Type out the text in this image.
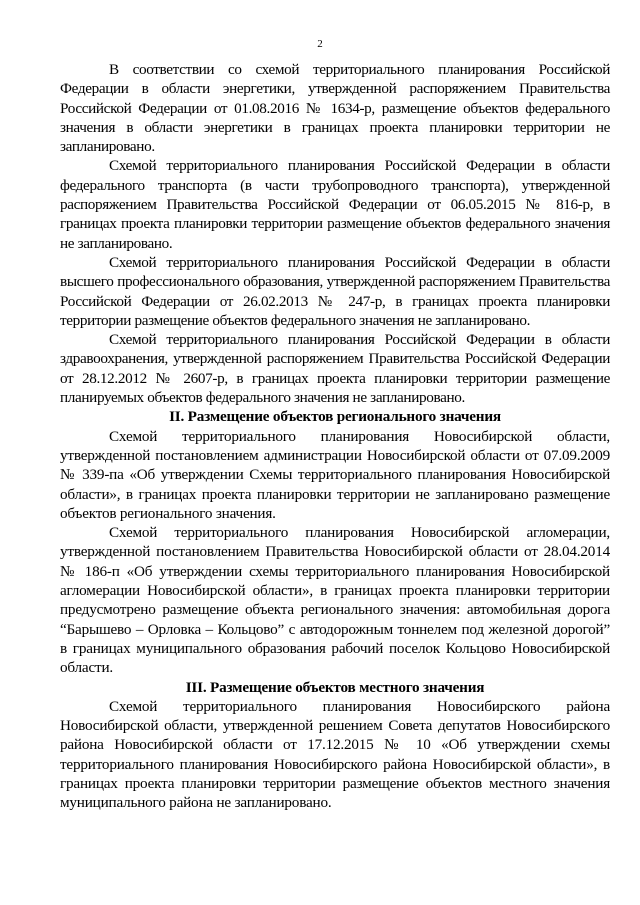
2

В соответствии со схемой территориального планирования Российской Федерации в области энергетики, утвержденной распоряжением Правительства Российской Федерации от 01.08.2016 № 1634-р, размещение объектов федерального значения в области энергетики в границах проекта планировки территории не запланировано.

Схемой территориального планирования Российской Федерации в области федерального транспорта (в части трубопроводного транспорта), утвержденной распоряжением Правительства Российской Федерации от 06.05.2015 № 816-р, в границах проекта планировки территории размещение объектов федерального значения не запланировано.

Схемой территориального планирования Российской Федерации в области высшего профессионального образования, утвержденной распоряжением Правительства Российской Федерации от 26.02.2013 № 247-р, в границах проекта планировки территории размещение объектов федерального значения не запланировано.

Схемой территориального планирования Российской Федерации в области здравоохранения, утвержденной распоряжением Правительства Российской Федерации от 28.12.2012 № 2607-р, в границах проекта планировки территории размещение планируемых объектов федерального значения не запланировано.

II. Размещение объектов регионального значения

Схемой территориального планирования Новосибирской области, утвержденной постановлением администрации Новосибирской области от 07.09.2009 № 339-па «Об утверждении Схемы территориального планирования Новосибирской области», в границах проекта планировки территории не запланировано размещение объектов регионального значения.

Схемой территориального планирования Новосибирской агломерации, утвержденной постановлением Правительства Новосибирской области от 28.04.2014 № 186-п «Об утверждении схемы территориального планирования Новосибирской агломерации Новосибирской области», в границах проекта планировки территории предусмотрено размещение объекта регионального значения: автомобильная дорога “Барышево – Орловка – Кольцово” с автодорожным тоннелем под железной дорогой” в границах муниципального образования рабочий поселок Кольцово Новосибирской области.

III. Размещение объектов местного значения

Схемой территориального планирования Новосибирского района Новосибирской области, утвержденной решением Совета депутатов Новосибирского района Новосибирской области от 17.12.2015 № 10 «Об утверждении схемы территориального планирования Новосибирского района Новосибирской области», в границах проекта планировки территории размещение объектов местного значения муниципального района не запланировано.
